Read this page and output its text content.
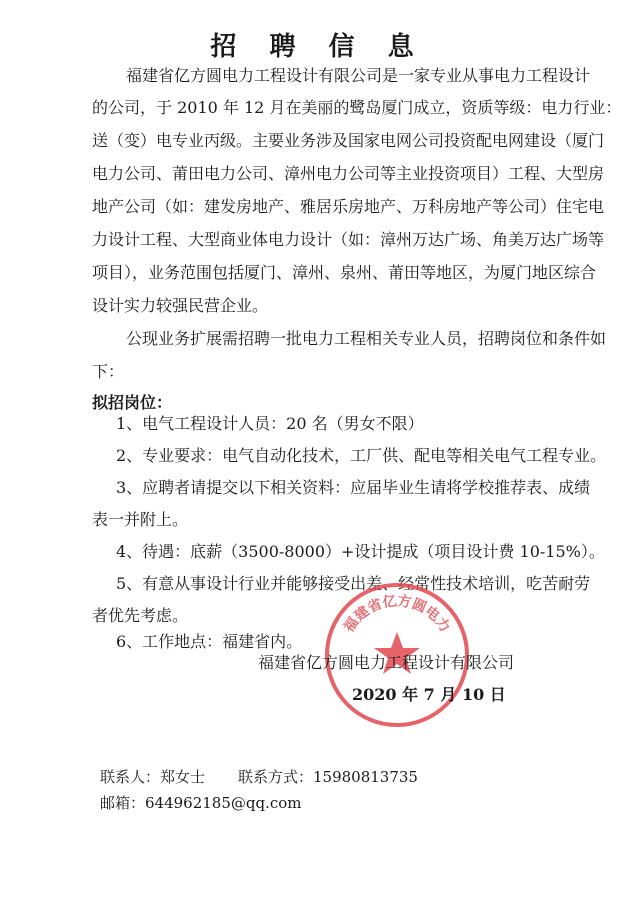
招 聘 信 息
福建省亿方圆电力工程设计有限公司是一家专业从事电力工程设计
的公司，于 2010 年 12 月在美丽的鹭岛厦门成立，资质等级：电力行业：
送（变）电专业丙级。主要业务涉及国家电网公司投资配电网建设（厦门
电力公司、莆田电力公司、漳州电力公司等主业投资项目）工程、大型房
地产公司（如：建发房地产、雅居乐房地产、万科房地产等公司）住宅电
力设计工程、大型商业体电力设计（如：漳州万达广场、角美万达广场等
项目），业务范围包括厦门、漳州、泉州、莆田等地区，为厦门地区综合
设计实力较强民营企业。
公现业务扩展需招聘一批电力工程相关专业人员，招聘岗位和条件如
下：
拟招岗位：
1、电气工程设计人员：20 名（男女不限）
2、专业要求：电气自动化技术，工厂供、配电等相关电气工程专业。
3、应聘者请提交以下相关资料：应届毕业生请将学校推荐表、成绩
表一并附上。
4、待遇：底薪（3500-8000）+设计提成（项目设计费 10-15%）。
5、有意从事设计行业并能够接受出差、经常性技术培训，吃苦耐劳
者优先考虑。
6、工作地点：福建省内。
福建省亿方圆电力
福建省亿方圆电力工程设计有限公司
2020 年 7 月 10 日
联系人：郑女士 联系方式：15980813735
邮箱：644962185@qq.com
